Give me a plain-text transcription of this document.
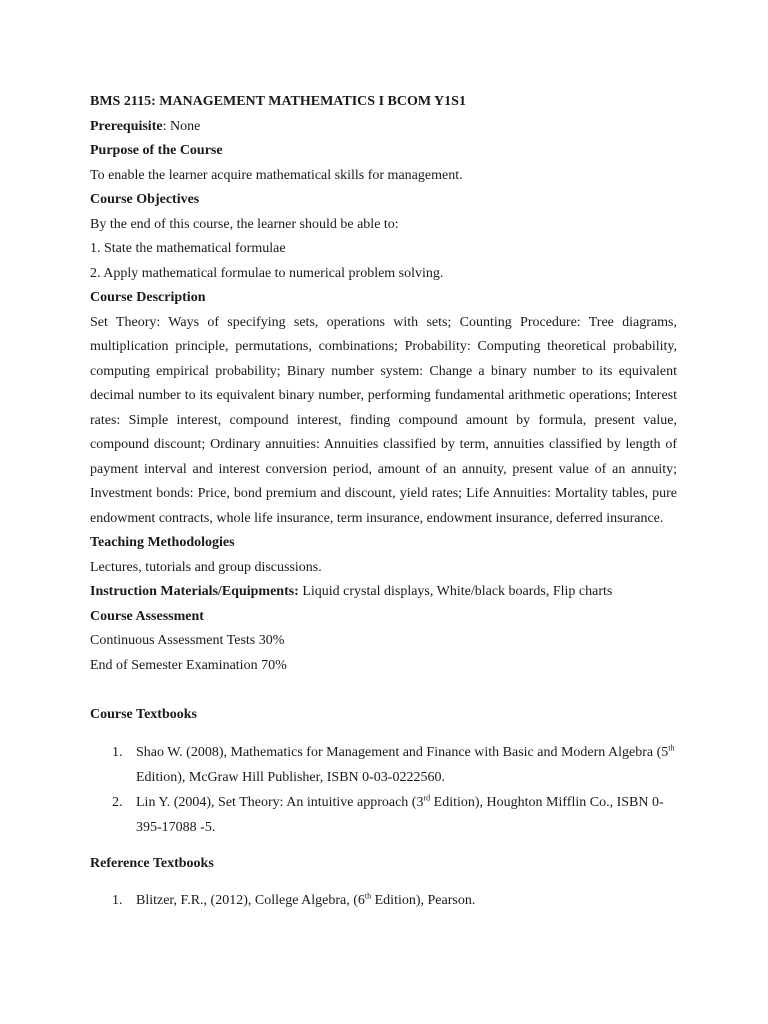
BMS 2115: MANAGEMENT MATHEMATICS I BCOM Y1S1

Prerequisite: None

Purpose of the Course

To enable the learner acquire mathematical skills for management.

Course Objectives

By the end of this course, the learner should be able to:

1. State the mathematical formulae

2. Apply mathematical formulae to numerical problem solving.

Course Description

Set Theory: Ways of specifying sets, operations with sets; Counting Procedure: Tree diagrams, multiplication principle, permutations, combinations; Probability: Computing theoretical probability, computing empirical probability; Binary number system: Change a binary number to its equivalent decimal number to its equivalent binary number, performing fundamental arithmetic operations; Interest rates: Simple interest, compound interest, finding compound amount by formula, present value, compound discount; Ordinary annuities: Annuities classified by term, annuities classified by length of payment interval and interest conversion period, amount of an annuity, present value of an annuity; Investment bonds: Price, bond premium and discount, yield rates; Life Annuities: Mortality tables, pure endowment contracts, whole life insurance, term insurance, endowment insurance, deferred insurance.

Teaching Methodologies

Lectures, tutorials and group discussions.

Instruction Materials/Equipments: Liquid crystal displays, White/black boards, Flip charts

Course Assessment

Continuous Assessment Tests 30%

End of Semester Examination 70%

Course Textbooks

1. Shao W. (2008), Mathematics for Management and Finance with Basic and Modern Algebra (5th Edition), McGraw Hill Publisher, ISBN 0-03-0222560.
2. Lin Y. (2004), Set Theory: An intuitive approach (3rd Edition), Houghton Mifflin Co., ISBN 0-395-17088 -5.

Reference Textbooks

1. Blitzer, F.R., (2012), College Algebra, (6th Edition), Pearson.
